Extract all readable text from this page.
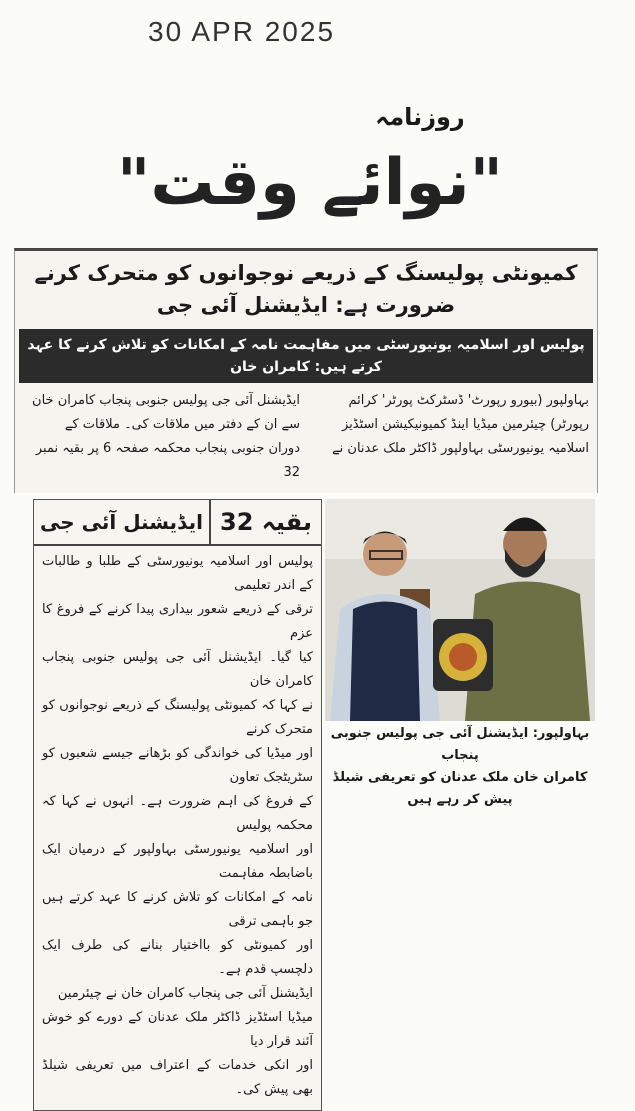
30 APR 2025
روزنامہ
"نوائے وقت"
کمیونٹی پولیسنگ کے ذریعے نوجوانوں کو متحرک کرنے ضرورت ہے: ایڈیشنل آئی جی
پولیس اور اسلامیہ یونیورسٹی میں مفاہمت نامہ کے امکانات کو تلاش کرنے کا عہد کرتے ہیں: کامران خان
بہاولپور (بیورو رپورٹ' ڈسٹرکٹ پورٹر' کرائم
ایڈیشنل آئی جی پولیس جنوبی پنجاب کامران خان
رپورٹر) چیئرمین میڈیا اینڈ کمیونیکیشن اسٹڈیز
سے ان کے دفتر میں ملاقات کی۔ ملاقات کے
اسلامیہ یونیورسٹی بہاولپور ڈاکٹر ملک عدنان نے
دوران جنوبی پنجاب محکمہ صفحہ 6 پر بقیہ نمبر 32
بقیہ 32
ایڈیشنل آئی جی
پولیس اور اسلامیہ یونیورسٹی کے طلبا و طالبات کے اندر تعلیمی
ترقی کے ذریعے شعور بیداری پیدا کرنے کے فروغ کا عزم
کیا گیا۔ ایڈیشنل آئی جی پولیس جنوبی پنجاب کامران خان
نے کہا کہ کمیونٹی پولیسنگ کے ذریعے نوجوانوں کو متحرک کرنے
اور میڈیا کی خواندگی کو بڑھانے جیسے شعبوں کو سٹریٹجک تعاون
کے فروغ کی اہم ضرورت ہے۔ انہوں نے کہا کہ محکمہ پولیس
اور اسلامیہ یونیورسٹی بہاولپور کے درمیان ایک باضابطہ مفاہمت
نامہ کے امکانات کو تلاش کرنے کا عہد کرتے ہیں جو باہمی ترقی
اور کمیونٹی کو بااختیار بنانے کی طرف ایک دلچسپ قدم ہے۔
ایڈیشنل آئی جی پنجاب کامران خان نے چیئرمین
میڈیا اسٹڈیز ڈاکٹر ملک عدنان کے دورے کو خوش آئند قرار دیا
اور انکی خدمات کے اعتراف میں تعریفی شیلڈ بھی پیش کی۔
بہاولپور: ایڈیشنل آئی جی پولیس جنوبی پنجاب
کامران خان ملک عدنان کو تعریفی شیلڈ پیش کر رہے ہیں
